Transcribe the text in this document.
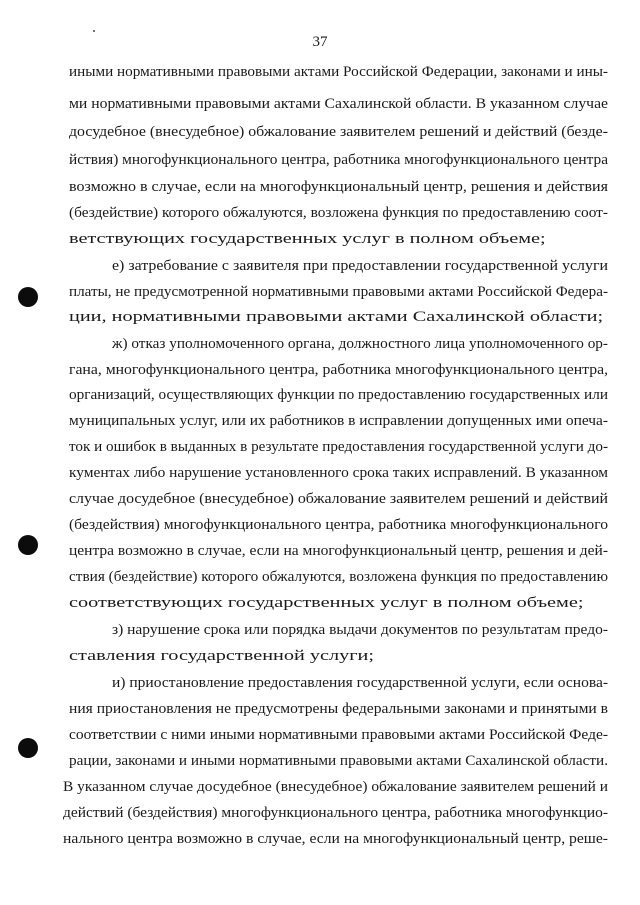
37
иными нормативными правовыми актами Российской Федерации, законами и ины-
ми нормативными правовыми актами Сахалинской области. В указанном случае
досудебное (внесудебное) обжалование заявителем решений и действий (безде-
йствия) многофункционального центра, работника многофункционального центра
возможно в случае, если на многофункциональный центр, решения и действия
(бездействие) которого обжалуются, возложена функция по предоставлению соот-
ветствующих государственных услуг в полном объеме;
е) затребование с заявителя при предоставлении государственной услуги
платы, не предусмотренной нормативными правовыми актами Российской Федера-
ции, нормативными правовыми актами Сахалинской области;
ж) отказ уполномоченного органа, должностного лица уполномоченного ор-
гана, многофункционального центра, работника многофункционального центра,
организаций, осуществляющих функции по предоставлению государственных или
муниципальных услуг, или их работников в исправлении допущенных ими опеча-
ток и ошибок в выданных в результате предоставления государственной услуги до-
кументах либо нарушение установленного срока таких исправлений. В указанном
случае досудебное (внесудебное) обжалование заявителем решений и действий
(бездействия) многофункционального центра, работника многофункционального
центра возможно в случае, если на многофункциональный центр, решения и дей-
ствия (бездействие) которого обжалуются, возложена функция по предоставлению
соответствующих государственных услуг в полном объеме;
з) нарушение срока или порядка выдачи документов по результатам предо-
ставления государственной услуги;
и) приостановление предоставления государственной услуги, если основа-
ния приостановления не предусмотрены федеральными законами и принятыми в
соответствии с ними иными нормативными правовыми актами Российской Феде-
рации, законами и иными нормативными правовыми актами Сахалинской области.
В указанном случае досудебное (внесудебное) обжалование заявителем решений и
действий (бездействия) многофункционального центра, работника многофункцио-
нального центра возможно в случае, если на многофункциональный центр, реше-
